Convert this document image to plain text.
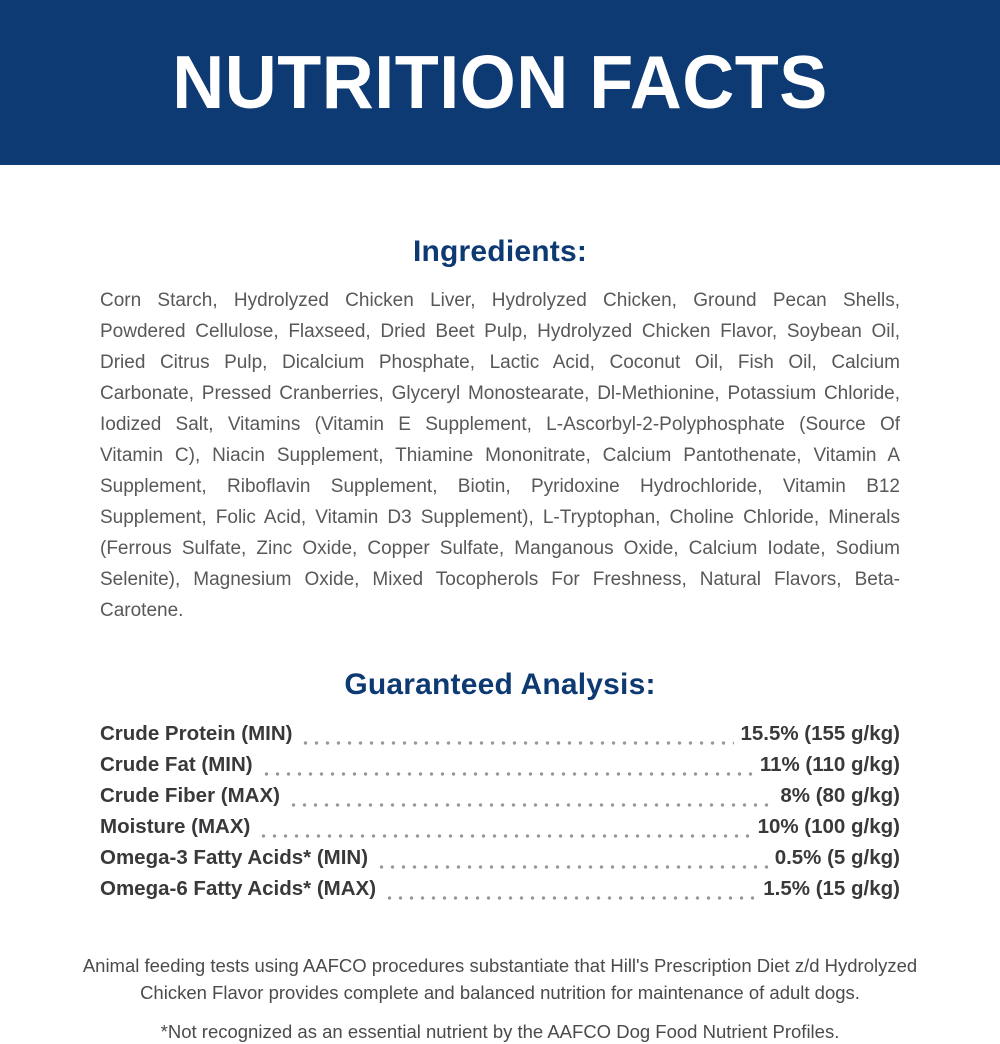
NUTRITION FACTS
Ingredients:

Corn Starch, Hydrolyzed Chicken Liver, Hydrolyzed Chicken, Ground Pecan Shells, Powdered Cellulose, Flaxseed, Dried Beet Pulp, Hydrolyzed Chicken Flavor, Soybean Oil, Dried Citrus Pulp, Dicalcium Phosphate, Lactic Acid, Coconut Oil, Fish Oil, Calcium Carbonate, Pressed Cranberries, Glyceryl Monostearate, Dl-Methionine, Potassium Chloride, Iodized Salt, Vitamins (Vitamin E Supplement, L-Ascorbyl-2-Polyphosphate (Source Of Vitamin C), Niacin Supplement, Thiamine Mononitrate, Calcium Pantothenate, Vitamin A Supplement, Riboflavin Supplement, Biotin, Pyridoxine Hydrochloride, Vitamin B12 Supplement, Folic Acid, Vitamin D3 Supplement), L-Tryptophan, Choline Chloride, Minerals (Ferrous Sulfate, Zinc Oxide, Copper Sulfate, Manganous Oxide, Calcium Iodate, Sodium Selenite), Magnesium Oxide, Mixed Tocopherols For Freshness, Natural Flavors, Beta-Carotene.

Guaranteed Analysis:
Crude Protein (MIN)	15.5% (155 g/kg)
Crude Fat (MIN)	11% (110 g/kg)
Crude Fiber (MAX)	8% (80 g/kg)
Moisture (MAX)	10% (100 g/kg)
Omega-3 Fatty Acids* (MIN)	0.5% (5 g/kg)
Omega-6 Fatty Acids* (MAX)	1.5% (15 g/kg)

Animal feeding tests using AAFCO procedures substantiate that Hill's Prescription Diet z/d Hydrolyzed Chicken Flavor provides complete and balanced nutrition for maintenance of adult dogs.

*Not recognized as an essential nutrient by the AAFCO Dog Food Nutrient Profiles.
